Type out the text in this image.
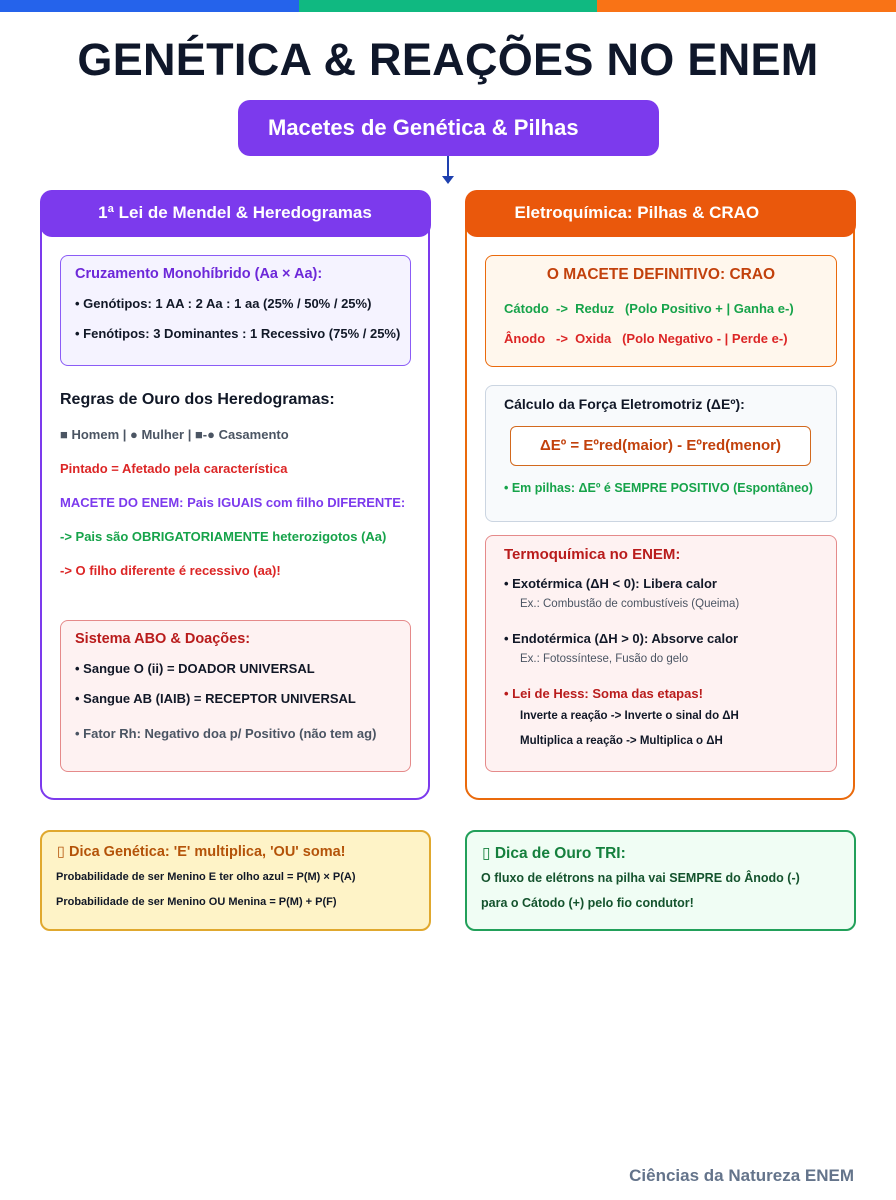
GENÉTICA & REAÇÕES NO ENEM
Macetes de Genética & Pilhas
1ª Lei de Mendel & Heredogramas
Cruzamento Monohíbrido (Aa × Aa):
• Genótipos: 1 AA : 2 Aa : 1 aa (25% / 50% / 25%)
• Fenótipos: 3 Dominantes : 1 Recessivo (75% / 25%)
Regras de Ouro dos Heredogramas:
■ Homem | ● Mulher | ■-● Casamento
Pintado = Afetado pela característica
MACETE DO ENEM: Pais IGUAIS com filho DIFERENTE:
-> Pais são OBRIGATORIAMENTE heterozigotos (Aa)
-> O filho diferente é recessivo (aa)!
Sistema ABO & Doações:
• Sangue O (ii) = DOADOR UNIVERSAL
• Sangue AB (IAIB) = RECEPTOR UNIVERSAL
• Fator Rh: Negativo doa p/ Positivo (não tem ag)
Eletroquímica: Pilhas & CRAO
O MACETE DEFINITIVO: CRAO
Cátodo  ->  Reduz   (Polo Positivo + | Ganha e-)
Ânodo   ->  Oxida   (Polo Negativo - | Perde e-)
Cálculo da Força Eletromotriz (ΔEº):
ΔEº = Eºred(maior) - Eºred(menor)
• Em pilhas: ΔEº é SEMPRE POSITIVO (Espontâneo)
Termoquímica no ENEM:
• Exotérmica (ΔH < 0): Libera calor
Ex.: Combustão de combustíveis (Queima)
• Endotérmica (ΔH > 0): Absorve calor
Ex.: Fotossíntese, Fusão do gelo
• Lei de Hess: Soma das etapas!
Inverte a reação -> Inverte o sinal do ΔH
Multiplica a reação -> Multiplica o ΔH
▯ Dica Genética: 'E' multiplica, 'OU' soma!
Probabilidade de ser Menino E ter olho azul = P(M) × P(A)
Probabilidade de ser Menino OU Menina = P(M) + P(F)
▯ Dica de Ouro TRI:
O fluxo de elétrons na pilha vai SEMPRE do Ânodo (-)
para o Cátodo (+) pelo fio condutor!
Ciências da Natureza ENEM
